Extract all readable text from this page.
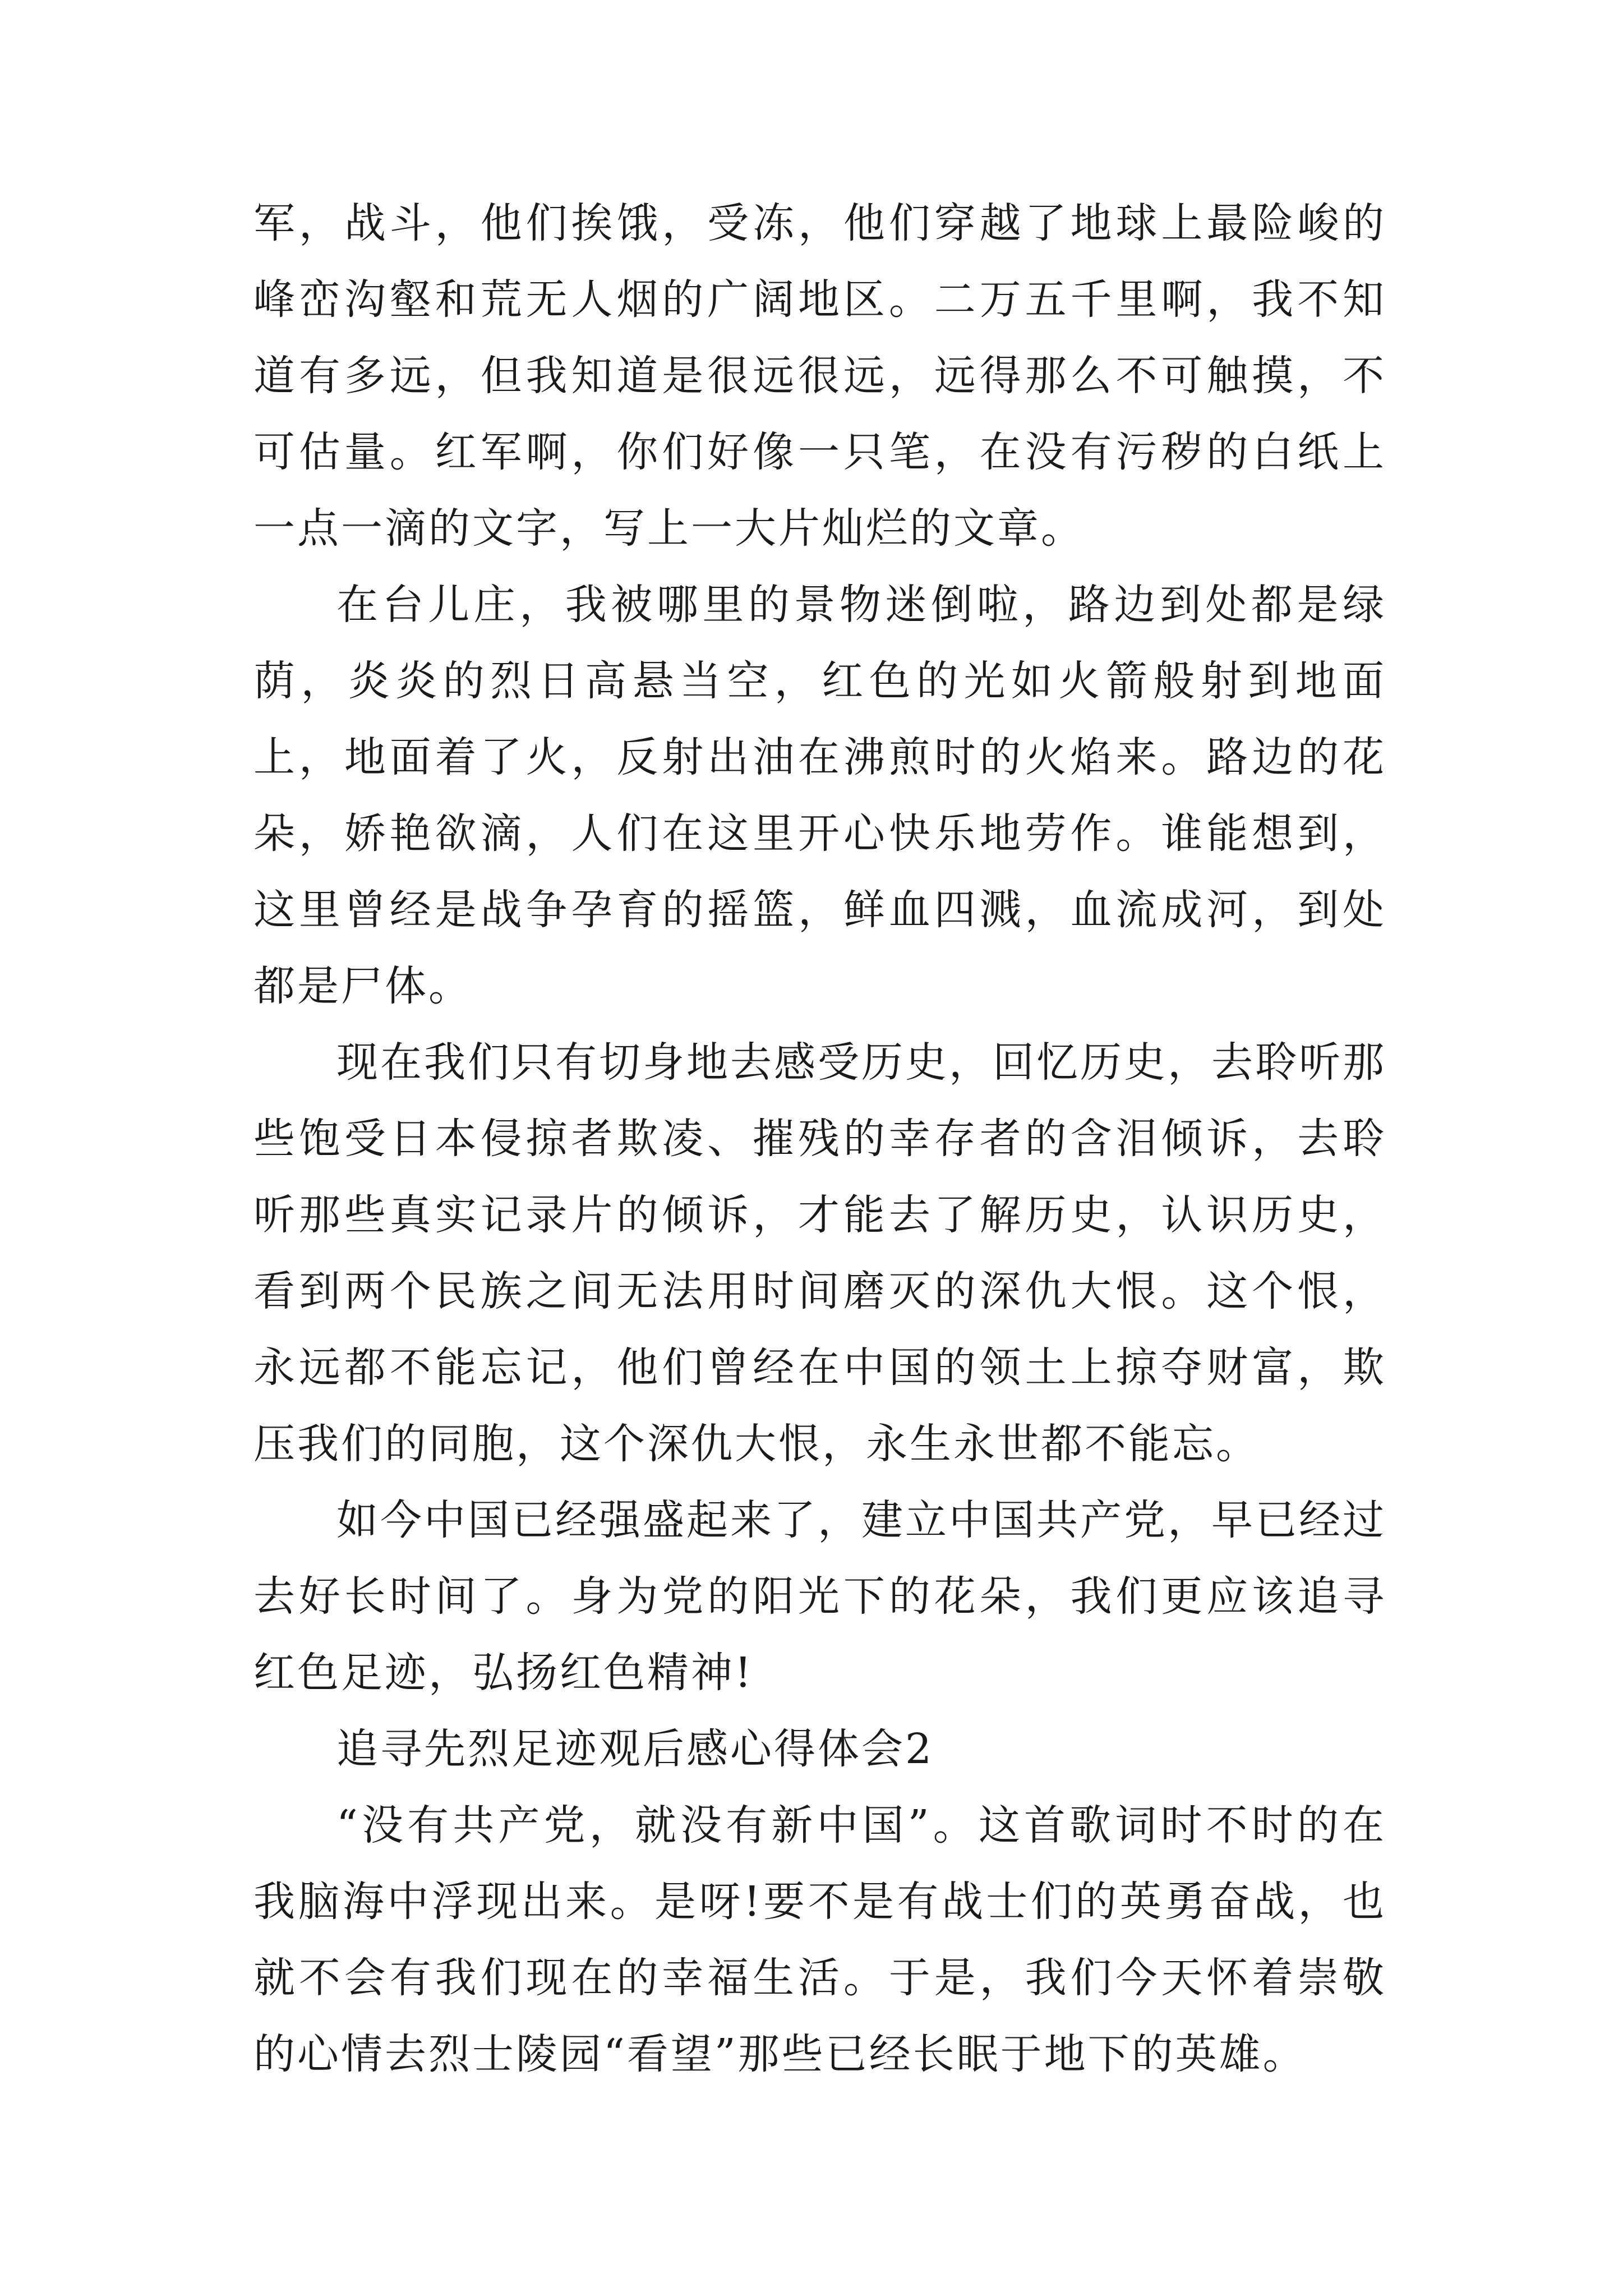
军，战斗，他们挨饿，受冻，他们穿越了地球上最险峻的峰峦沟壑和荒无人烟的广阔地区。二万五千里啊，我不知道有多远，但我知道是很远很远，远得那么不可触摸，不可估量。红军啊，你们好像一只笔，在没有污秽的白纸上一点一滴的文字，写上一大片灿烂的文章。

在台儿庄，我被哪里的景物迷倒啦，路边到处都是绿荫，炎炎的烈日高悬当空，红色的光如火箭般射到地面上，地面着了火，反射出油在沸煎时的火焰来。路边的花朵，娇艳欲滴，人们在这里开心快乐地劳作。谁能想到，这里曾经是战争孕育的摇篮，鲜血四溅，血流成河，到处都是尸体。

现在我们只有切身地去感受历史，回忆历史，去聆听那些饱受日本侵掠者欺凌、摧残的幸存者的含泪倾诉，去聆听那些真实记录片的倾诉，才能去了解历史，认识历史，看到两个民族之间无法用时间磨灭的深仇大恨。这个恨，永远都不能忘记，他们曾经在中国的领土上掠夺财富，欺压我们的同胞，这个深仇大恨，永生永世都不能忘。

如今中国已经强盛起来了，建立中国共产党，早已经过去好长时间了。身为党的阳光下的花朵，我们更应该追寻红色足迹，弘扬红色精神!

追寻先烈足迹观后感心得体会2

“没有共产党，就没有新中国”。这首歌词时不时的在我脑海中浮现出来。是呀!要不是有战士们的英勇奋战，也就不会有我们现在的幸福生活。于是，我们今天怀着崇敬的心情去烈士陵园“看望”那些已经长眠于地下的英雄。
